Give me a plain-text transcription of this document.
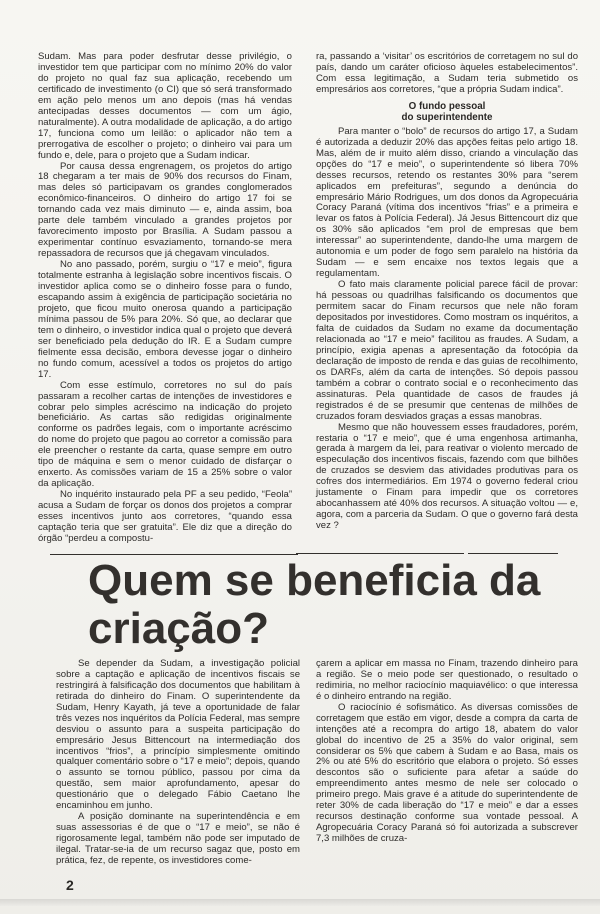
Sudam. Mas para poder desfrutar desse privilégio, o investidor tem que participar com no mínimo 20% do valor do projeto no qual faz sua aplicação, recebendo um certificado de investimento (o CI) que só será transformado em ação pelo menos um ano depois (mas há vendas antecipadas desses documentos — com um ágio, naturalmente). A outra modalidade de aplicação, a do artigo 17, funciona como um leilão: o aplicador não tem a prerrogativa de escolher o projeto; o dinheiro vai para um fundo e, dele, para o projeto que a Sudam indicar.

Por causa dessa engrenagem, os projetos do artigo 18 chegaram a ter mais de 90% dos recursos do Finam, mas deles só participavam os grandes conglomerados econômico-financeiros. O dinheiro do artigo 17 foi se tornando cada vez mais diminuto — e, ainda assim, boa parte dele também vinculado a grandes projetos por favorecimento imposto por Brasília. A Sudam passou a experimentar contínuo esvaziamento, tornando-se mera repassadora de recursos que já chegavam vinculados.

No ano passado, porém, surgiu o “17 e meio”, figura totalmente estranha à legislação sobre incentivos fiscais. O investidor aplica como se o dinheiro fosse para o fundo, escapando assim à exigência de participação societária no projeto, que ficou muito onerosa quando a participação mínima passou de 5% para 20%. Só que, ao declarar que tem o dinheiro, o investidor indica qual o projeto que deverá ser beneficiado pela dedução do IR. E a Sudam cumpre fielmente essa decisão, embora devesse jogar o dinheiro no fundo comum, acessível a todos os projetos do artigo 17.

Com esse estímulo, corretores no sul do país passaram a recolher cartas de intenções de investidores e cobrar pelo simples acréscimo na indicação do projeto beneficiário. As cartas são redigidas originalmente conforme os padrões legais, com o importante acréscimo do nome do projeto que pagou ao corretor a comissão para ele preencher o restante da carta, quase sempre em outro tipo de máquina e sem o menor cuidado de disfarçar o enxerto. As comissões variam de 15 a 25% sobre o valor da aplicação.

No inquérito instaurado pela PF a seu pedido, “Feola” acusa a Sudam de forçar os donos dos projetos a comprar esses incentivos junto aos corretores, “quando essa captação teria que ser gratuita”. Ele diz que a direção do órgão “perdeu a compostu-

ra, passando a ‘visitar’ os escritórios de corretagem no sul do país, dando um caráter oficioso àqueles estabelecimentos”. Com essa legitimação, a Sudam teria submetido os empresários aos corretores, “que a própria Sudam indica”.

O fundo pessoal
do superintendente

Para manter o “bolo” de recursos do artigo 17, a Sudam é autorizada a deduzir 20% das apções feitas pelo artigo 18. Mas, além de ir muito além disso, criando a vinculação das opções do “17 e meio”, o superintendente só libera 70% desses recursos, retendo os restantes 30% para “serem aplicados em prefeituras”, segundo a denúncia do empresário Mário Rodrigues, um dos donos da Agropecuária Coracy Paraná (vítima dos incentivos “frias” e a primeira e levar os fatos à Polícia Federal). Já Jesus Bittencourt diz que os 30% são aplicados “em prol de empresas que bem interessar” ao superintendente, dando-lhe uma margem de autonomia e um poder de fogo sem paralelo na história da Sudam — e sem encaixe nos textos legais que a regulamentam.

O fato mais claramente policial parece fácil de provar: há pessoas ou quadrilhas falsificando os documentos que permitem sacar do Finam recursos que nele não foram depositados por investidores. Como mostram os inquéritos, a falta de cuidados da Sudam no exame da documentação relacionada ao “17 e meio” facilitou as fraudes. A Sudam, a princípio, exigia apenas a apresentação da fotocópia da declaração de imposto de renda e das guias de recolhimento, os DARFs, além da carta de intenções. Só depois passou também a cobrar o contrato social e o reconhecimento das assinaturas. Pela quantidade de casos de fraudes já registrados é de se presumir que centenas de milhões de cruzados foram desviados graças a essas manobras.

Mesmo que não houvessem esses fraudadores, porém, restaria o “17 e meio”, que é uma engenhosa artimanha, gerada à margem da lei, para reativar o violento mercado de especulação dos incentivos fiscais, fazendo com que bilhões de cruzados se desviem das atividades produtivas para os cofres dos intermediários. Em 1974 o governo federal criou justamente o Finam para impedir que os corretores abocanhassem até 40% dos recursos. A situação voltou — e, agora, com a parceria da Sudam. O que o governo fará desta vez ?

Quem se beneficia da criação?

Se depender da Sudam, a investigação policial sobre a captação e aplicação de incentivos fiscais se restringirá à falsificação dos documentos que habilitam à retirada do dinheiro do Finam. O superintendente da Sudam, Henry Kayath, já teve a oportunidade de falar três vezes nos inquéritos da Polícia Federal, mas sempre desviou o assunto para a suspeita participação do empresário Jesus Bittencourt na intermediação dos incentivos “frios”, a princípio simplesmente omitindo qualquer comentário sobre o “17 e meio”; depois, quando o assunto se tornou público, passou por cima da questão, sem maior aprofundamento, apesar do questionário que o delegado Fábio Caetano lhe encaminhou em junho.

A posição dominante na superintendência e em suas assessorias é de que o “17 e meio”, se não é rigorosamente legal, também não pode ser imputado de ilegal. Tratar-se-ia de um recurso sagaz que, posto em prática, fez, de repente, os investidores come-

çarem a aplicar em massa no Finam, trazendo dinheiro para a região. Se o meio pode ser questionado, o resultado o redimiria, no melhor raciocínio maquiavélico: o que interessa é o dinheiro entrando na região.

O raciocínio é sofismático. As diversas comissões de corretagem que estão em vigor, desde a compra da carta de intenções até a recompra do artigo 18, abatem do valor global do incentivo de 25 a 35% do valor original, sem considerar os 5% que cabem à Sudam e ao Basa, mais os 2% ou até 5% do escritório que elabora o projeto. Só esses descontos são o suficiente para afetar a saúde do empreendimento antes mesmo de nele ser colocado o primeiro prego. Mais grave é a atitude do superintendente de reter 30% de cada liberação do “17 e meio” e dar a esses recursos destinação conforme sua vontade pessoal. A Agropecuária Coracy Paraná só foi autorizada a subscrever 7,3 milhões de cruza-

2
